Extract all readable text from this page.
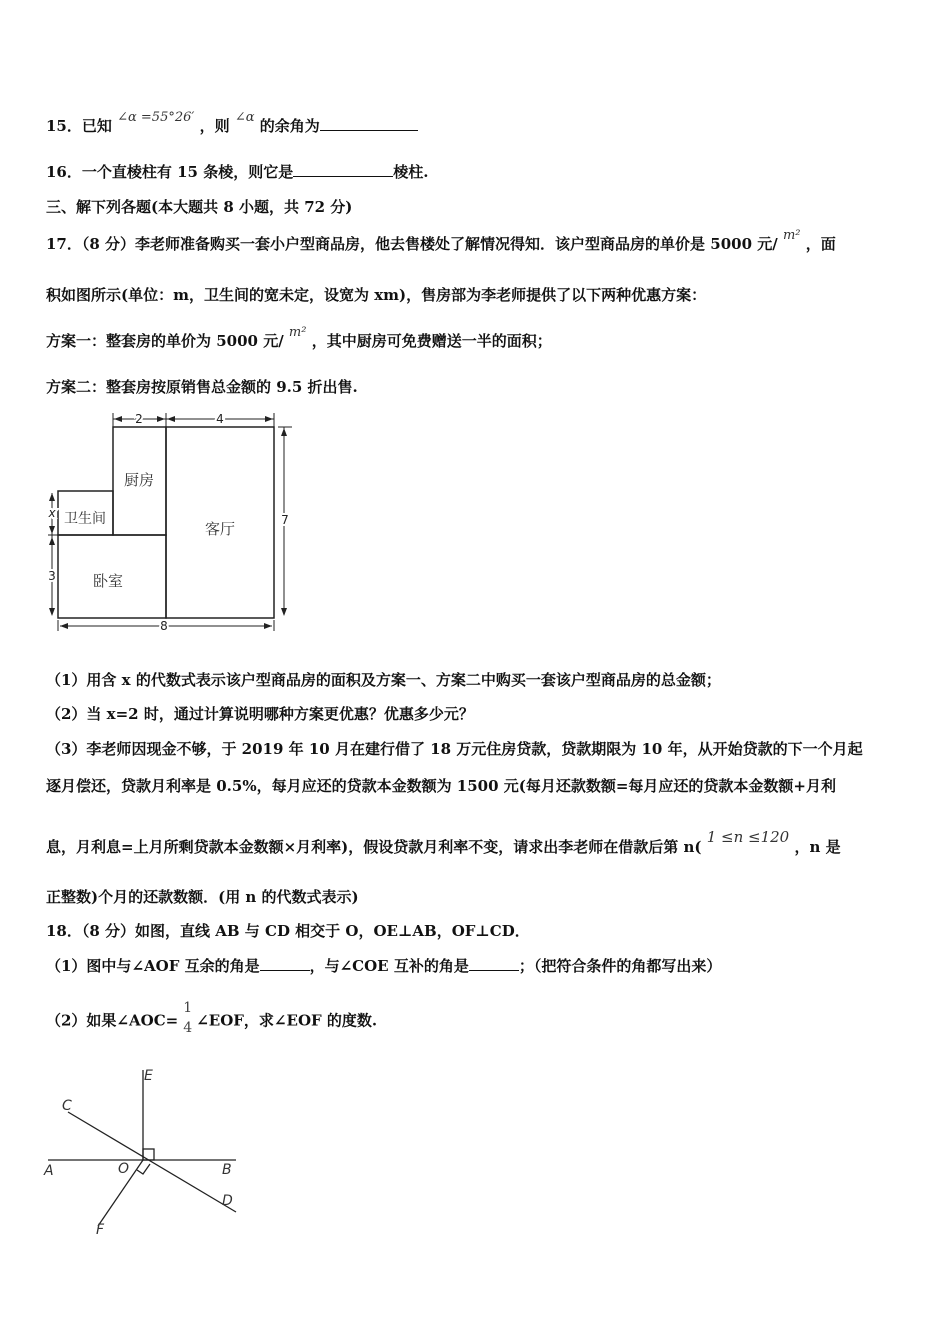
15．已知 ∠α =55°26′ ，则 ∠α 的余角为
16．一个直棱柱有 15 条棱，则它是	棱柱.
三、解下列各题(本大题共 8 小题，共 72 分)
17．（8 分）李老师准备购买一套小户型商品房，他去售楼处了解情况得知．该户型商品房的单价是 5000 元/ m² ，面
积如图所示(单位：m，卫生间的宽未定，设宽为 xm)，售房部为李老师提供了以下两种优惠方案：
方案一：整套房的单价为 5000 元/ m² ，其中厨房可免费赠送一半的面积；
方案二：整套房按原销售总金额的 9.5 折出售.
2	4
7
x
3
8
厨房
卫生间
客厅
卧室
（1）用含 x 的代数式表示该户型商品房的面积及方案一、方案二中购买一套该户型商品房的总金额；
（2）当 x=2 时，通过计算说明哪种方案更优惠？优惠多少元？
（3）李老师因现金不够，于 2019 年 10 月在建行借了 18 万元住房贷款，贷款期限为 10 年，从开始贷款的下一个月起
逐月偿还，贷款月利率是 0.5%，每月应还的贷款本金数额为 1500 元(每月还款数额=每月应还的贷款本金数额+月利
息，月利息=上月所剩贷款本金数额×月利率)，假设贷款月利率不变，请求出李老师在借款后第 n( 1 ≤n ≤120 ，n 是
正整数)个月的还款数额．(用 n 的代数式表示)
18．（8 分）如图，直线 AB 与 CD 相交于 O，OE⊥AB，OF⊥CD．
（1）图中与∠AOF 互余的角是	，与∠COE 互补的角是	；（把符合条件的角都写出来）
（2）如果∠AOC=
1
4 ∠EOF，求∠EOF 的度数.
E
C
A	O	B
D
F
